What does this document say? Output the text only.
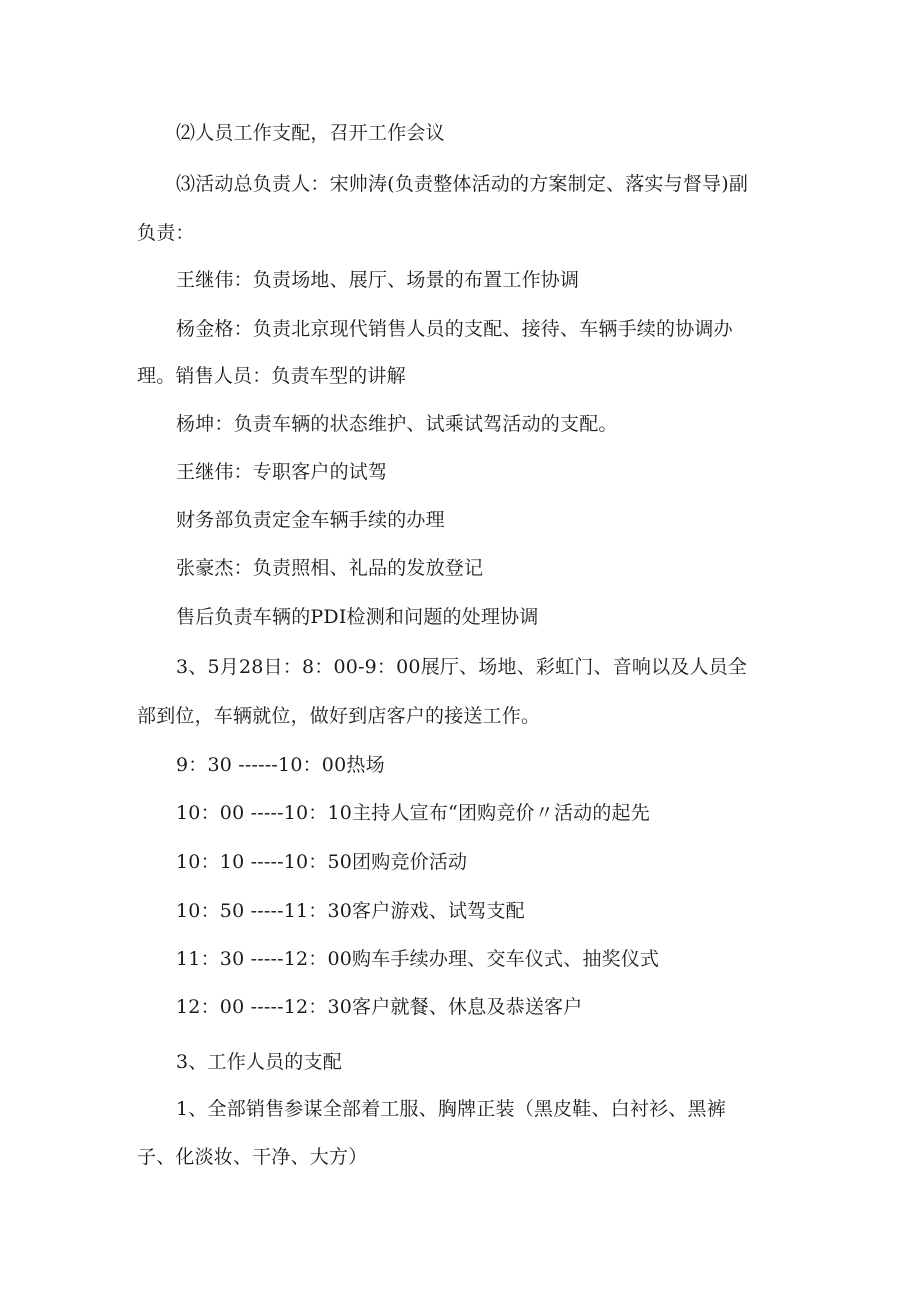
⑵人员工作支配，召开工作会议
⑶活动总负责人：宋帅涛(负责整体活动的方案制定、落实与督导)副
负责：
王继伟：负责场地、展厅、场景的布置工作协调
杨金格：负责北京现代销售人员的支配、接待、车辆手续的协调办
理。销售人员：负责车型的讲解
杨坤：负责车辆的状态维护、试乘试驾活动的支配。
王继伟：专职客户的试驾
财务部负责定金车辆手续的办理
张豪杰：负责照相、礼品的发放登记
售后负责车辆的PDI检测和问题的处理协调
3、5月28日：8：00-9：00展厅、场地、彩虹门、音响以及人员全
部到位，车辆就位，做好到店客户的接送工作。
9：30 ------10：00热场
10：00 -----10：10主持人宣布“团购竞价〃活动的起先
10：10 -----10：50团购竞价活动
10：50 -----11：30客户游戏、试驾支配
11：30 -----12：00购车手续办理、交车仪式、抽奖仪式
12：00 -----12：30客户就餐、休息及恭送客户
3、工作人员的支配
1、全部销售参谋全部着工服、胸牌正装（黑皮鞋、白衬衫、黑裤
子、化淡妆、干净、大方）
